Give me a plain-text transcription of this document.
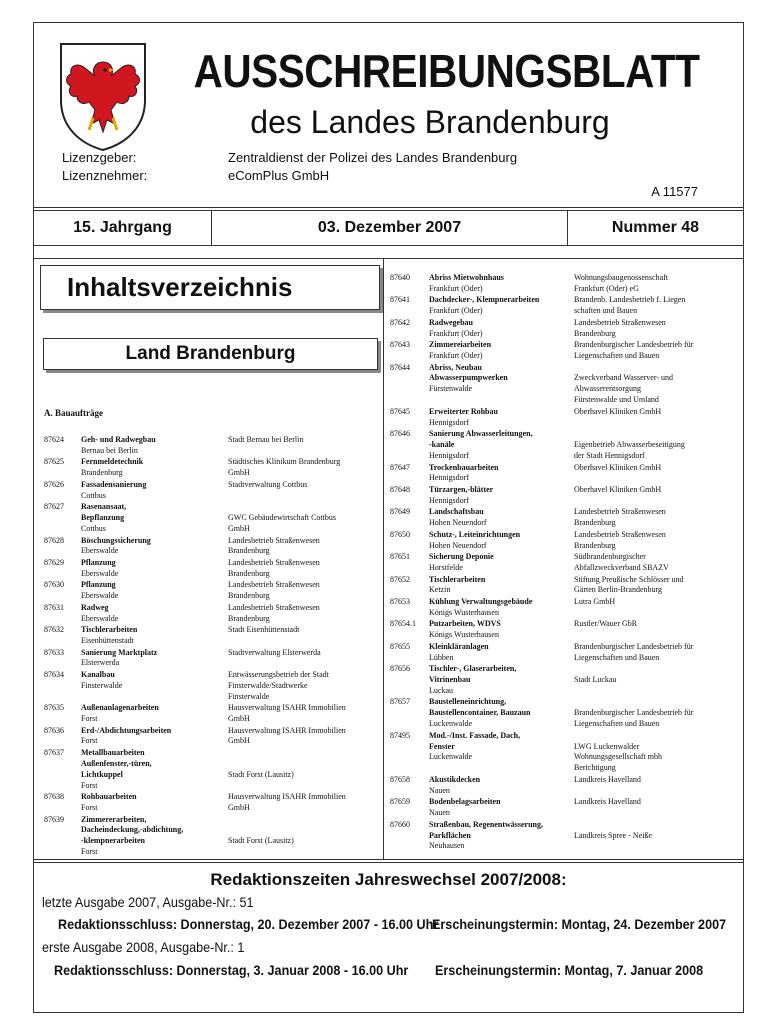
AUSSCHREIBUNGSBLATT
des Landes Brandenburg
Lizenzgeber:
Lizenznehmer:
Zentraldienst der Polizei des Landes Brandenburg
eComPlus GmbH
A 11577
15. Jahrgang	03. Dezember 2007	Nummer 48
Inhaltsverzeichnis
Land Brandenburg
A. Bauaufträge
87624 Geh- und Radwegbau
Bernau bei Berlin
Stadt Bernau bei Berlin
87625 Fernmeldetechnik
Brandenburg
Städtisches Klinikum Brandenburg
GmbH
87626 Fassadensanierung
Cottbus
Stadtverwaltung Cottbus
87627 Rasenansaat,
Bepflanzung
Cottbus
GWC Gebäudewirtschaft Cottbus
GmbH
87628 Böschungssicherung
Eberswalde
Landesbetrieb Straßenwesen
Brandenburg
87629 Pflanzung
Eberswalde
Landesbetrieb Straßenwesen
Brandenburg
87630 Pflanzung
Eberswalde
Landesbetrieb Straßenwesen
Brandenburg
87631 Radweg
Eberswalde
Landesbetrieb Straßenwesen
Brandenburg
87632 Tischlerarbeiten
Eisenhüttenstadt
Stadt Eisenhüttenstadt
87633 Sanierung Marktplatz
Elsterwerda
Stadtverwaltung Elsterwerda
87634 Kanalbau
Finsterwalde
Entwässerungsbetrieb der Stadt
Finsterwalde/Stadtwerke
Finsterwalde
87635 Außenanlagenarbeiten
Forst
Hausverwaltung ISAHR Immobilien
GmbH
87636 Erd-/Abdichtungsarbeiten
Forst
Hausverwaltung ISAHR Immobilien
GmbH
87637 Metallbauarbeiten
Außenfenster,-türen,
Lichtkuppel
Forst
Stadt Forst (Lausitz)
87638 Rohbauarbeiten
Forst
Hausverwaltung ISAHR Immobilien
GmbH
87639 Zimmererarbeiten,
Dacheindeckung,-abdichtung,
-klempnerarbeiten
Forst
Stadt Forst (Lausitz)
87640 Abriss Mietwohnhaus
Frankfurt (Oder)
Wohnungsbaugenossenschaft
Frankfurt (Oder) eG
87641 Dachdecker-, Klempnerarbeiten
Frankfurt (Oder)
Brandenb. Landesbetrieb f. Liegen
schaften und Bauen
87642 Radwegebau
Frankfurt (Oder)
Landesbetrieb Straßenwesen
Brandenburg
87643 Zimmereiarbeiten
Frankfurt (Oder)
Brandenburgischer Landesbetrieb für
Liegenschaften und Bauen
87644 Abriss, Neubau
Abwasserpumpwerken
Fürstenwalde
Zweckverband Wasserver- und
Abwasserentsorgung
Fürstenwalde und Umland
87645 Erweiterter Rohbau
Hennigsdorf
Oberhavel Kliniken GmbH
87646 Sanierung Abwasserleitungen,
-kanäle
Hennigsdorf
Eigenbetrieb Abwasserbeseitigung
der Stadt Hennigsdorf
87647 Trockenbauarbeiten
Hennigsdorf
Oberhavel Kliniken GmbH
87648 Türzargen,-blätter
Hennigsdorf
Oberhavel Kliniken GmbH
87649 Landschaftsbau
Hohen Neuendorf
Landesbetrieb Straßenwesen
Brandenburg
87650 Schutz-, Leiteinrichtungen
Hohen Neuendorf
Landesbetrieb Straßenwesen
Brandenburg
87651 Sicherung Deponie
Horstfelde
Südbrandenburgischer
Abfallzweckverband SBAZV
87652 Tischlerarbeiten
Ketzin
Stiftung Preußische Schlösser und
Gärten Berlin-Brandenburg
87653 Kühlung Verwaltungsgebäude
Königs Wusterhausen
Lutra GmbH
87654.1 Putzarbeiten, WDVS
Königs Wusterhausen
Rustler/Wauer GbR
87655 Kleinkläranlagen
Lübben
Brandenburgischer Landesbetrieb für
Liegenschaften und Bauen
87656 Tischler-, Glaserarbeiten,
Vitrinenbau
Luckau
Stadt Luckau
87657 Baustelleneinrichtung,
Baustellencontainer, Bauzaun
Luckenwalde
Brandenburgischer Landesbetrieb für
Liegenschaften und Bauen
87495 Mod.-/Inst. Fassade, Dach,
Fenster
Luckenwalde
LWG Luckenwalder
Wohnungsgesellschaft mbh
Berichtigung
87658 Akustikdecken
Nauen
Landkreis Havelland
87659 Bodenbelagsarbeiten
Nauen
Landkreis Havelland
87660 Straßenbau, Regenentwässerung,
Parkflächen
Neuhausen
Landkreis Spree - Neiße
Redaktionszeiten Jahreswechsel 2007/2008:
letzte Ausgabe 2007, Ausgabe-Nr.: 51
Redaktionsschluss: Donnerstag, 20. Dezember 2007 - 16.00 Uhr
Erscheinungstermin: Montag, 24. Dezember 2007
erste Ausgabe 2008, Ausgabe-Nr.: 1
Redaktionsschluss: Donnerstag, 3. Januar 2008 - 16.00 Uhr Erscheinungstermin: Montag, 7. Januar 2008
